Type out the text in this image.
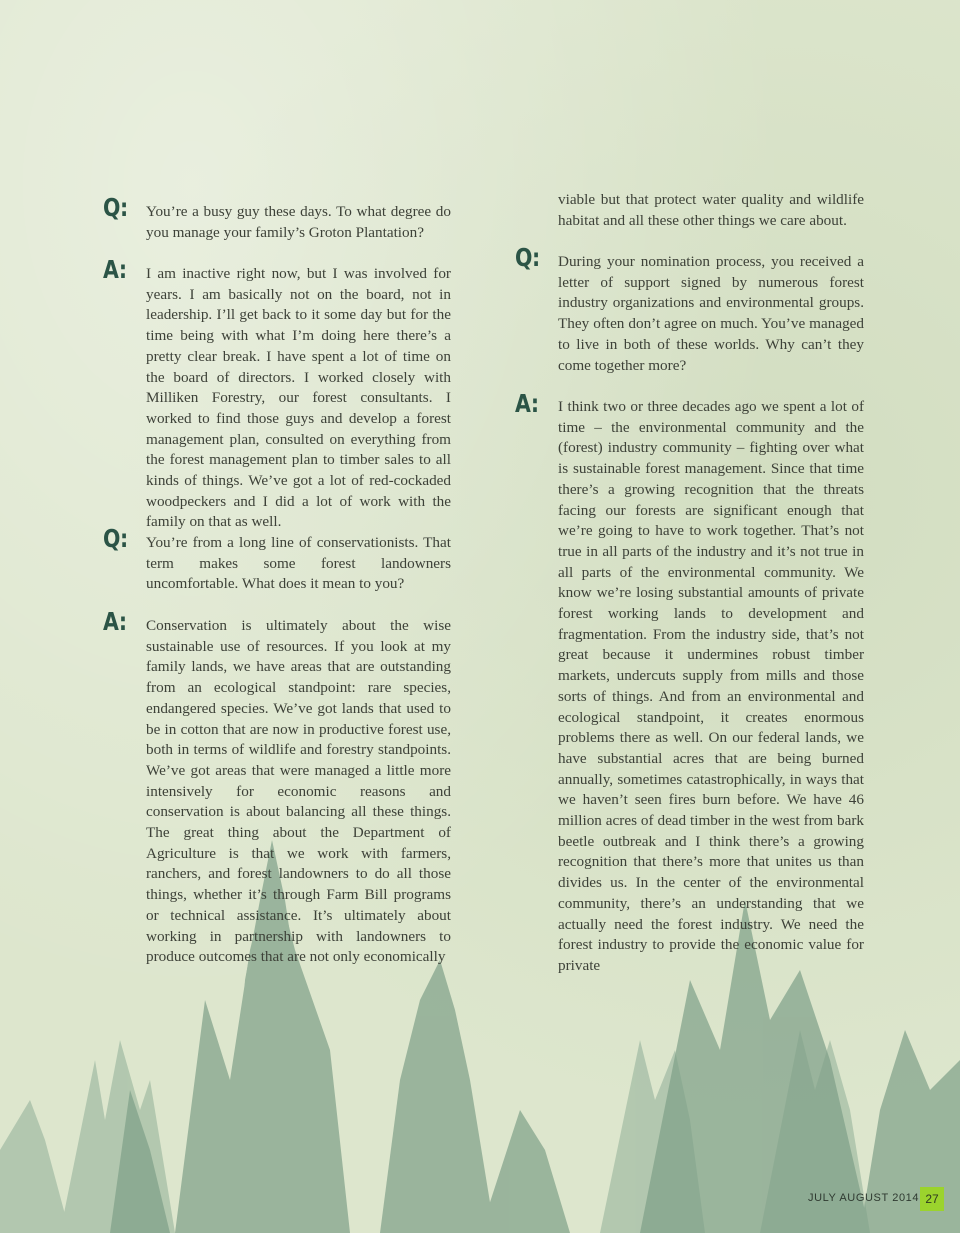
Q: You’re a busy guy these days. To what degree do you manage your family’s Groton Plantation?

A: I am inactive right now, but I was involved for years. I am basically not on the board, not in leadership. I’ll get back to it some day but for the time being with what I’m doing here there’s a pretty clear break. I have spent a lot of time on the board of directors. I worked closely with Milliken Forestry, our forest consultants. I worked to find those guys and develop a forest management plan, consulted on everything from the forest management plan to timber sales to all kinds of things. We’ve got a lot of red-cockaded woodpeckers and I did a lot of work with the family on that as well.

Q: You’re from a long line of conservationists. That term makes some forest landowners uncomfortable. What does it mean to you?

A: Conservation is ultimately about the wise sustainable use of resources. If you look at my family lands, we have areas that are outstanding from an ecological standpoint: rare species, endangered species. We’ve got lands that used to be in cotton that are now in productive forest use, both in terms of wildlife and forestry standpoints. We’ve got areas that were managed a little more intensively for economic reasons and conservation is about balancing all these things. The great thing about the Department of Agriculture is that we work with farmers, ranchers, and forest landowners to do all those things, whether it’s through Farm Bill programs or technical assistance. It’s ultimately about working in partnership with landowners to produce outcomes that are not only economically

viable but that protect water quality and wildlife habitat and all these other things we care about.

Q: During your nomination process, you received a letter of support signed by numerous forest industry organizations and environmental groups. They often don’t agree on much. You’ve managed to live in both of these worlds. Why can’t they come together more?

A: I think two or three decades ago we spent a lot of time – the environmental community and the (forest) industry community – fighting over what is sustainable forest management. Since that time there’s a growing recognition that the threats facing our forests are significant enough that we’re going to have to work together. That’s not true in all parts of the industry and it’s not true in all parts of the environmental community. We know we’re losing substantial amounts of private forest working lands to development and fragmentation. From the industry side, that’s not great because it undermines robust timber markets, undercuts supply from mills and those sorts of things. And from an environmental and ecological standpoint, it creates enormous problems there as well. On our federal lands, we have substantial acres that are being burned annually, sometimes catastrophically, in ways that we haven’t seen fires burn before. We have 46 million acres of dead timber in the west from bark beetle outbreak and I think there’s a growing recognition that there’s more that unites us than divides us. In the center of the environmental community, there’s an understanding that we actually need the forest industry. We need the forest industry to provide the economic value for private

JULY AUGUST 2014 27
